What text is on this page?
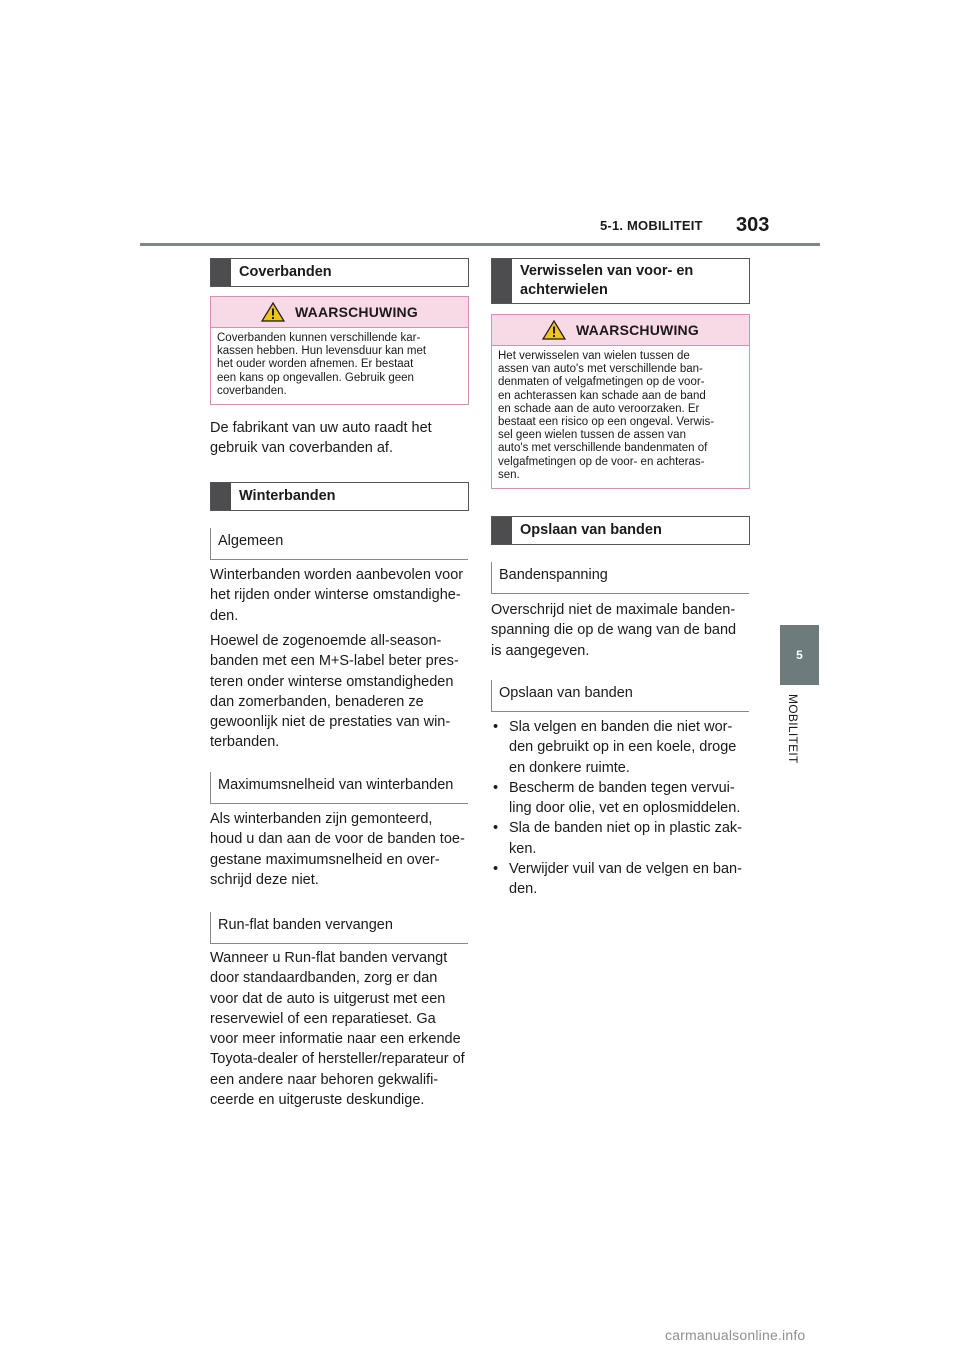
5-1. MOBILITEIT 303
5
MOBILITEIT
Coverbanden
WAARSCHUWING
Coverbanden kunnen verschillende kar-
kassen hebben. Hun levensduur kan met
het ouder worden afnemen. Er bestaat
een kans op ongevallen. Gebruik geen
coverbanden.

De fabrikant van uw auto raadt het

gebruik van coverbanden af.

Winterbanden
Algemeen

Winterbanden worden aanbevolen voor

het rijden onder winterse omstandighe-

den.

Hoewel de zogenoemde all-season-

banden met een M+S-label beter pres-

teren onder winterse omstandigheden

dan zomerbanden, benaderen ze

gewoonlijk niet de prestaties van win-

terbanden.

Maximumsnelheid van winterbanden

Als winterbanden zijn gemonteerd,

houd u dan aan de voor de banden toe-

gestane maximumsnelheid en over-

schrijd deze niet.

Run-flat banden vervangen

Wanneer u Run-flat banden vervangt

door standaardbanden, zorg er dan

voor dat de auto is uitgerust met een

reservewiel of een reparatieset. Ga

voor meer informatie naar een erkende

Toyota-dealer of hersteller/reparateur of

een andere naar behoren gekwalifi-

ceerde en uitgeruste deskundige.

Verwisselen van voor- en
achterwielen
WAARSCHUWING
Het verwisselen van wielen tussen de
assen van auto's met verschillende ban-
denmaten of velgafmetingen op de voor-
en achterassen kan schade aan de band
en schade aan de auto veroorzaken. Er
bestaat een risico op een ongeval. Verwis-
sel geen wielen tussen de assen van
auto's met verschillende bandenmaten of
velgafmetingen op de voor- en achteras-
sen.
Opslaan van banden
Bandenspanning

Overschrijd niet de maximale banden-

spanning die op de wang van de band

is aangegeven.

Opslaan van banden
• Sla velgen en banden die niet wor-
den gebruikt op in een koele, droge
en donkere ruimte.
• Bescherm de banden tegen vervui-
ling door olie, vet en oplosmiddelen.
• Sla de banden niet op in plastic zak-
ken.
• Verwijder vuil van de velgen en ban-
den.
carmanualsonline.info
